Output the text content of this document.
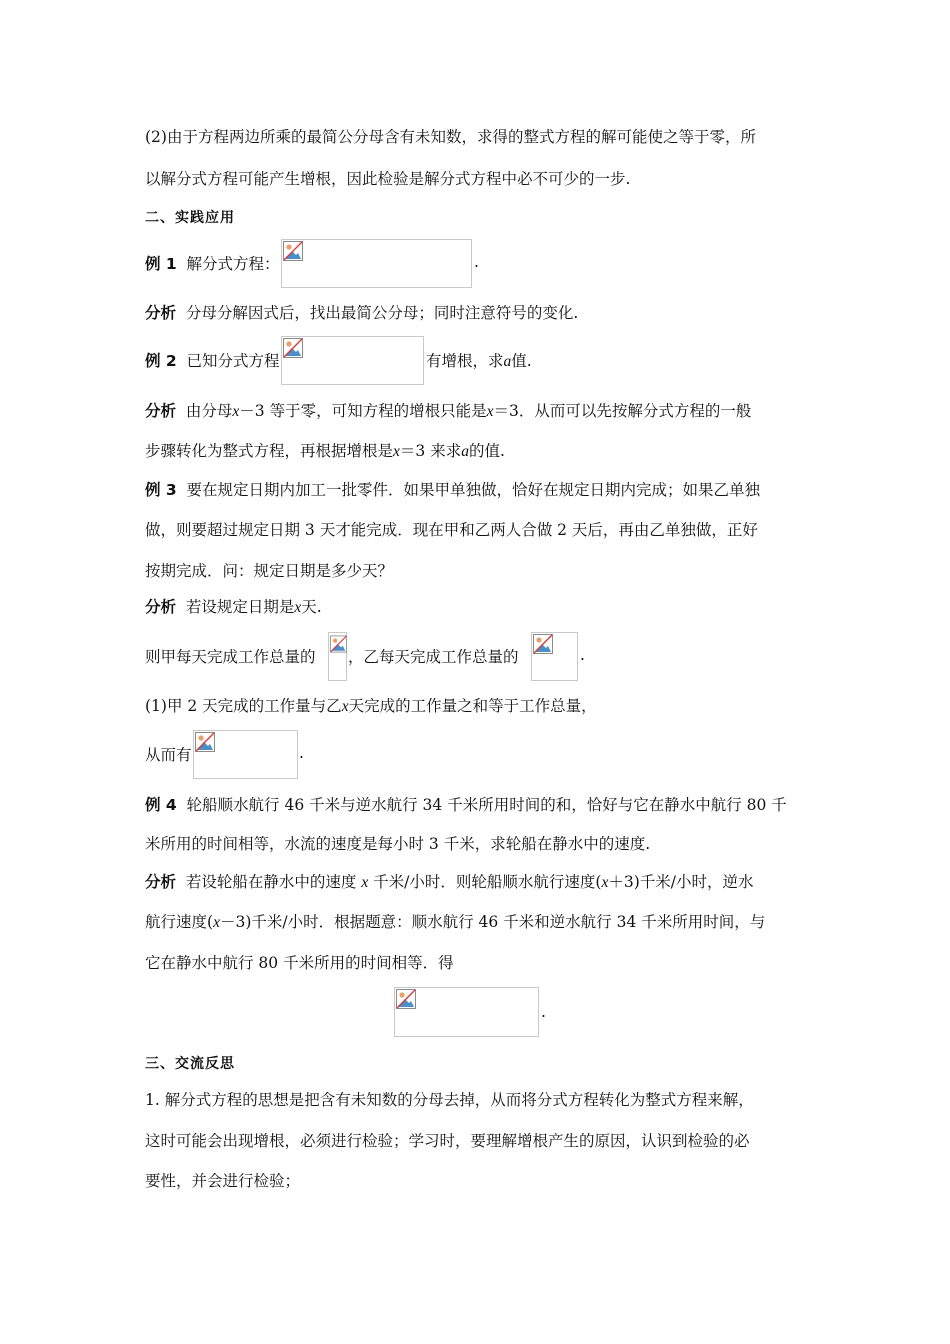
(2)由于方程两边所乘的最简公分母含有未知数，求得的整式方程的解可能使之等于零，所
以解分式方程可能产生增根，因此检验是解分式方程中必不可少的一步.
二、实践应用
例 1 解分式方程：	.
分析 分母分解因式后，找出最简公分母；同时注意符号的变化.
例 2 已知分式方程	有增根，求a值.
分析 由分母x－3 等于零，可知方程的增根只能是x＝3．从而可以先按解分式方程的一般
步骤转化为整式方程，再根据增根是x＝3 来求a的值.
例 3 要在规定日期内加工一批零件．如果甲单独做，恰好在规定日期内完成；如果乙单独
做，则要超过规定日期 3 天才能完成．现在甲和乙两人合做 2 天后，再由乙单独做，正好
按期完成．问：规定日期是多少天？
分析 若设规定日期是x天.
则甲每天完成工作总量的 ，乙每天完成工作总量的	.
(1)甲 2 天完成的工作量与乙x天完成的工作量之和等于工作总量，
从而有	.
例 4 轮船顺水航行 46 千米与逆水航行 34 千米所用时间的和，恰好与它在静水中航行 80 千
米所用的时间相等，水流的速度是每小时 3 千米，求轮船在静水中的速度.
分析 若设轮船在静水中的速度 x 千米/小时．则轮船顺水航行速度(x＋3)千米/小时，逆水
航行速度(x－3)千米/小时．根据题意：顺水航行 46 千米和逆水航行 34 千米所用时间，与
它在静水中航行 80 千米所用的时间相等．得
.
三、交流反思
1. 解分式方程的思想是把含有未知数的分母去掉，从而将分式方程转化为整式方程来解，
这时可能会出现增根，必须进行检验；学习时，要理解增根产生的原因，认识到检验的必
要性，并会进行检验；
